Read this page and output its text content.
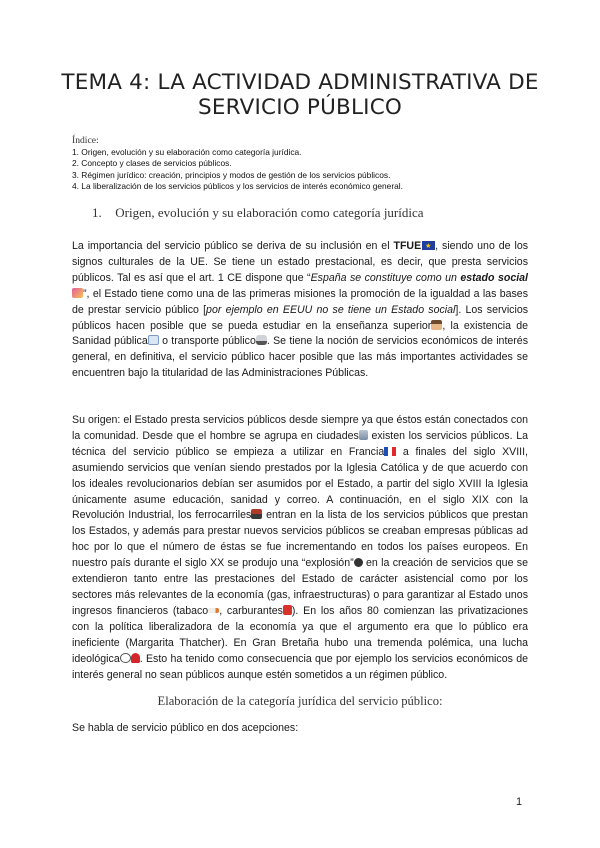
TEMA 4: LA ACTIVIDAD ADMINISTRATIVA DE
SERVICIO PÚBLICO
Índice:
1. Origen, evolución y su elaboración como categoría jurídica.
2. Concepto y clases de servicios públicos.
3. Régimen jurídico: creación, principios y modos de gestión de los servicios públicos.
4. La liberalización de los servicios públicos y los servicios de interés económico general.
1. Origen, evolución y su elaboración como categoría jurídica
La importancia del servicio público se deriva de su inclusión en el TFUE★ , siendo uno de los signos culturales de la UE. Se tiene un estado prestacional, es decir, que presta servicios públicos. Tal es así que el art. 1 CE dispone que “España se constituye como un estado social”, el Estado tiene como una de las primeras misiones la promoción de la igualdad a las bases de prestar servicio público [por ejemplo en EEUU no se tiene un Estado social]. Los servicios públicos hacen posible que se pueda estudiar en la enseñanza superior , la existencia de Sanidad pública o transporte público . Se tiene la noción de servicios económicos de interés general, en definitiva, el servicio público hacer posible que las más importantes actividades se encuentren bajo la titularidad de las Administraciones Públicas.
Su origen: el Estado presta servicios públicos desde siempre ya que éstos están conectados con la comunidad. Desde que el hombre se agrupa en ciudades existen los servicios públicos. La técnica del servicio público se empieza a utilizar en Francia a finales del siglo XVIII, asumiendo servicios que venían siendo prestados por la Iglesia Católica y de que acuerdo con los ideales revolucionarios debían ser asumidos por el Estado, a partir del siglo XVIII la Iglesia únicamente asume educación, sanidad y correo. A continuación, en el siglo XIX con la Revolución Industrial, los ferrocarriles entran en la lista de los servicios públicos que prestan los Estados, y además para prestar nuevos servicios públicos se creaban empresas públicas ad hoc por lo que el número de éstas se fue incrementando en todos los países europeos. En nuestro país durante el siglo XX se produjo una “explosión” en la creación de servicios que se extendieron tanto entre las prestaciones del Estado de carácter asistencial como por los sectores más relevantes de la economía (gas, infraestructuras) o para garantizar al Estado unos ingresos financieros (tabaco , carburantes ). En los años 80 comienzan las privatizaciones con la política liberalizadora de la economía ya que el argumento era que lo público era ineficiente (Margarita Thatcher). En Gran Bretaña hubo una tremenda polémica, una lucha ideológica . Esto ha tenido como consecuencia que por ejemplo los servicios económicos de interés general no sean públicos aunque estén sometidos a un régimen público.
Elaboración de la categoría jurídica del servicio público:
Se habla de servicio público en dos acepciones:
1
